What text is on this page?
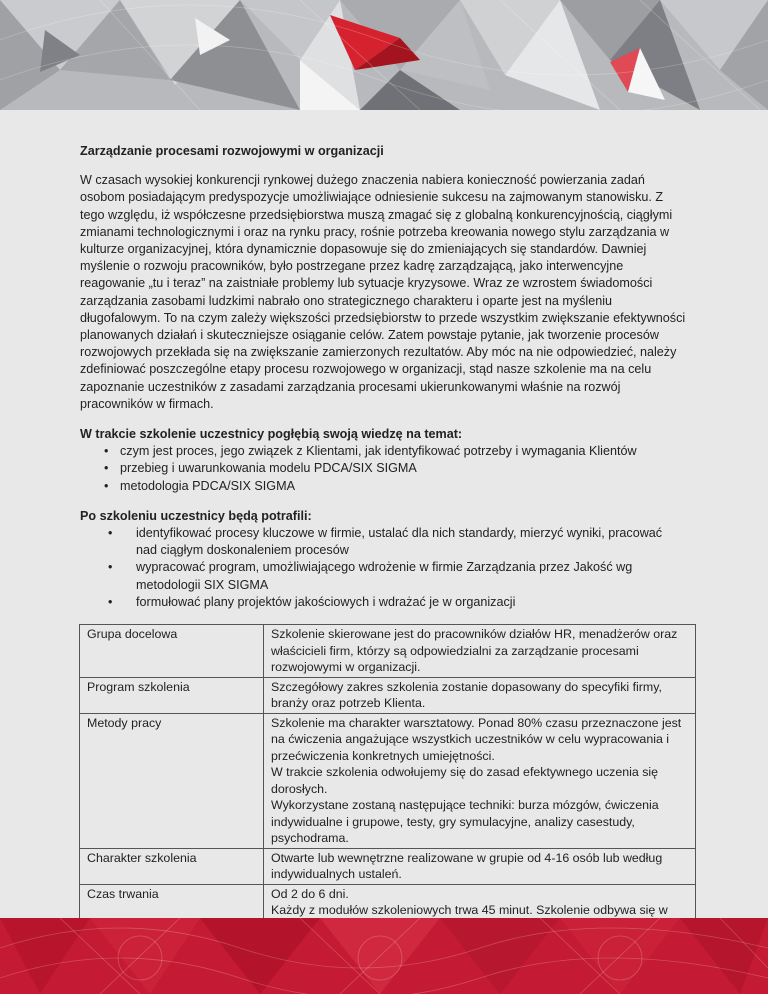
Zarządzanie procesami rozwojowymi w organizacji

W czasach wysokiej konkurencji rynkowej dużego znaczenia nabiera konieczność powierzania zadań osobom posiadającym predyspozycje umożliwiające odniesienie sukcesu na zajmowanym stanowisku. Z tego względu, iż współczesne przedsiębiorstwa muszą zmagać się z globalną konkurencyjnością, ciągłymi zmianami technologicznymi i oraz na rynku pracy, rośnie potrzeba kreowania nowego stylu zarządzania w kulturze organizacyjnej, która dynamicznie dopasowuje się do zmieniających się standardów. Dawniej myślenie o rozwoju pracowników, było postrzegane przez kadrę zarządzającą, jako interwencyjne reagowanie „tu i teraz” na zaistniałe problemy lub sytuacje kryzysowe. Wraz ze wzrostem świadomości zarządzania zasobami ludzkimi nabrało ono strategicznego charakteru i oparte jest na myśleniu długofalowym. To na czym zależy większości przedsiębiorstw to przede wszystkim zwiększanie efektywności planowanych działań i skuteczniejsze osiąganie celów. Zatem powstaje pytanie, jak tworzenie procesów rozwojowych przekłada się na zwiększanie zamierzonych rezultatów. Aby móc na nie odpowiedzieć, należy zdefiniować poszczególne etapy procesu rozwojowego w organizacji, stąd nasze szkolenie ma na celu zapoznanie uczestników z zasadami zarządzania procesami ukierunkowanymi właśnie na rozwój pracowników w firmach.

W trakcie szkolenie uczestnicy pogłębią swoją wiedzę na temat:

• czym jest proces, jego związek z Klientami, jak identyfikować potrzeby i wymagania Klientów
• przebieg i uwarunkowania modelu PDCA/SIX SIGMA
• metodologia PDCA/SIX SIGMA

Po szkoleniu uczestnicy będą potrafili:

• identyfikować procesy kluczowe w firmie, ustalać dla nich standardy, mierzyć wyniki, pracować nad ciągłym doskonaleniem procesów
• wypracować program, umożliwiającego wdrożenie w firmie Zarządzania przez Jakość wg metodologii SIX SIGMA
• formułować plany projektów jakościowych i wdrażać je w organizacji
Grupa docelowa	Szkolenie skierowane jest do pracowników działów HR, menadżerów oraz właścicieli firm, którzy są odpowiedzialni za zarządzanie procesami rozwojowymi w organizacji.
Program szkolenia	Szczegółowy zakres szkolenia zostanie dopasowany do specyfiki firmy, branży oraz potrzeb Klienta.
Metody pracy	Szkolenie ma charakter warsztatowy. Ponad 80% czasu przeznaczone jest na ćwiczenia angażujące wszystkich uczestników w celu wypracowania i przećwiczenia konkretnych umiejętności.
W trakcie szkolenia odwołujemy się do zasad efektywnego uczenia się dorosłych.
Wykorzystane zostaną następujące techniki: burza mózgów, ćwiczenia indywidualne i grupowe, testy, gry symulacyjne, analizy casestudy, psychodrama.

Charakter szkolenia	Otwarte lub wewnętrzne realizowane w grupie od 4-16 osób lub według indywidualnych ustaleń.
Czas trwania	Od 2 do 6 dni.
Każdy z modułów szkoleniowych trwa 45 minut. Szkolenie odbywa się w
